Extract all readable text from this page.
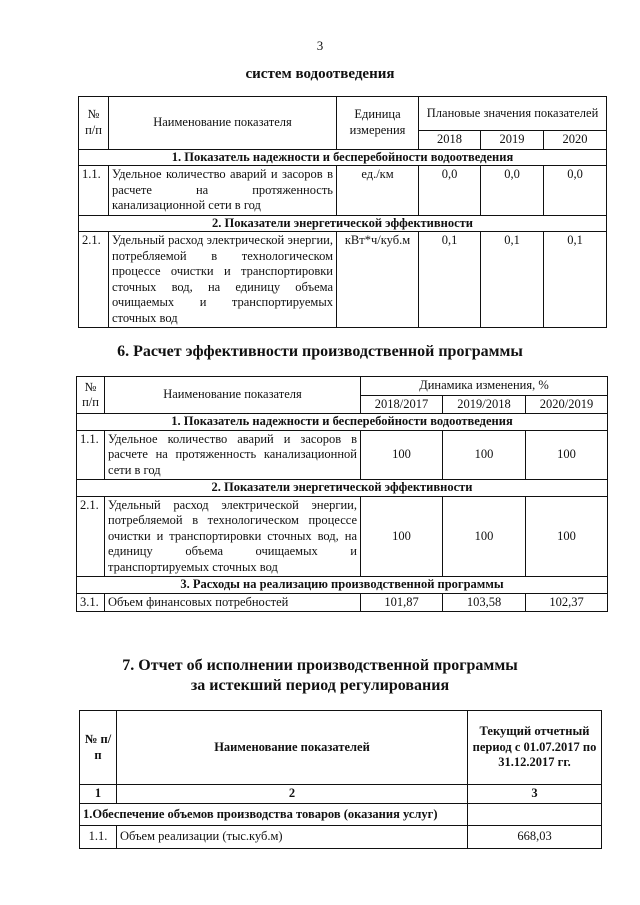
3
систем водоотведения
№ п/п	Наименование показателя	Единица измерения	Плановые значения показателей		
			2018	2019	2020
1. Показатель надежности и бесперебойности водоотведения					
1.1.	Удельное количество аварий и засоров в расчете на протяженность канализационной сети в год	ед./км	0,0	0,0	0,0
2. Показатели энергетической эффективности					
2.1.	Удельный расход электрической энергии, потребляемой в технологическом процессе очистки и транспортировки сточных вод, на единицу объема очищаемых и транспортируемых сточных вод	кВт*ч/куб.м	0,1	0,1	0,1
6. Расчет эффективности производственной программы
№ п/п	Наименование показателя	Динамика изменения, %		
		2018/2017	2019/2018	2020/2019
1. Показатель надежности и бесперебойности водоотведения				
1.1.	Удельное количество аварий и засоров в расчете на протяженность канализационной сети в год	100	100	100
2. Показатели энергетической эффективности				
2.1.	Удельный расход электрической энергии, потребляемой в технологическом процессе очистки и транспортировки сточных вод, на единицу объема очищаемых и транспортируемых сточных вод	100	100	100
3. Расходы на реализацию производственной программы				
3.1.	Объем финансовых потребностей	101,87	103,58	102,37
7. Отчет об исполнении производственной программы
за истекший период регулирования
№ п/п	Наименование показателей	Текущий отчетный период с 01.07.2017 по 31.12.2017 гг.
1	2	3
1.Обеспечение объемов производства товаров (оказания услуг)		
1.1.	Объем реализации (тыс.куб.м)	668,03
